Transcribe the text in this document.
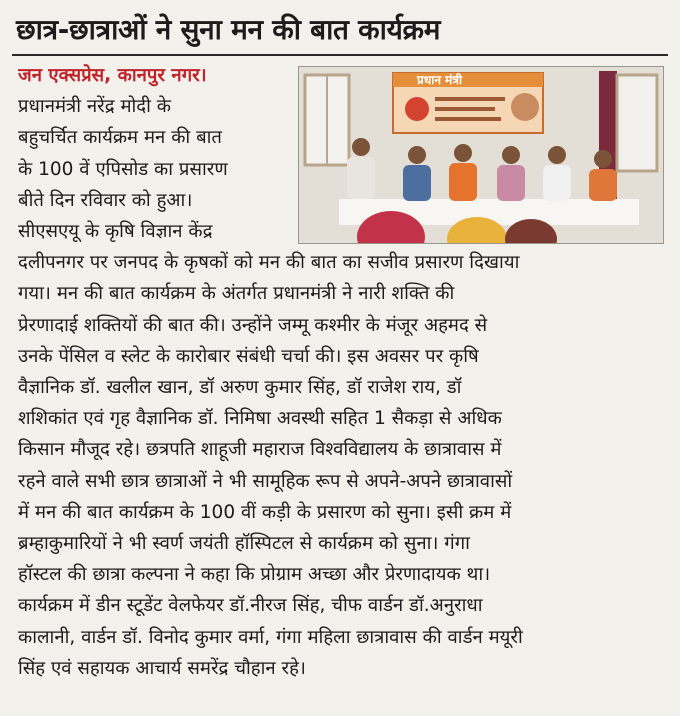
छात्र-छात्राओं ने सुना मन की बात कार्यक्रम
प्रधान मंत्री
जन एक्सप्रेस, कानपुर नगर।
प्रधानमंत्री नरेंद्र मोदी के
बहुचर्चित कार्यक्रम मन की बात
के 100 वें एपिसोड का प्रसारण
बीते दिन रविवार को हुआ।
सीएसएयू के कृषि विज्ञान केंद्र
दलीपनगर पर जनपद के कृषकों को मन की बात का सजीव प्रसारण दिखाया
गया। मन की बात कार्यक्रम के अंतर्गत प्रधानमंत्री ने नारी शक्ति की
प्रेरणादाई शक्तियों की बात की। उन्होंने जम्मू कश्मीर के मंजूर अहमद से
उनके पेंसिल व स्लेट के कारोबार संबंधी चर्चा की। इस अवसर पर कृषि
वैज्ञानिक डॉ. खलील खान, डॉ अरुण कुमार सिंह, डॉ राजेश राय, डॉ
शशिकांत एवं गृह वैज्ञानिक डॉ. निमिषा अवस्थी सहित 1 सैकड़ा से अधिक
किसान मौजूद रहे। छत्रपति शाहूजी महाराज विश्वविद्यालय के छात्रावास में
रहने वाले सभी छात्र छात्राओं ने भी सामूहिक रूप से अपने-अपने छात्रावासों
में मन की बात कार्यक्रम के 100 वीं कड़ी के प्रसारण को सुना। इसी क्रम में
ब्रम्हाकुमारियों ने भी स्वर्ण जयंती हॉस्पिटल से कार्यक्रम को सुना। गंगा
हॉस्टल की छात्रा कल्पना ने कहा कि प्रोग्राम अच्छा और प्रेरणादायक था।
कार्यक्रम में डीन स्टूडेंट वेलफेयर डॉ.नीरज सिंह, चीफ वार्डन डॉ.अनुराधा
कालानी, वार्डन डॉ. विनोद कुमार वर्मा, गंगा महिला छात्रावास की वार्डन मयूरी
सिंह एवं सहायक आचार्य समरेंद्र चौहान रहे।
